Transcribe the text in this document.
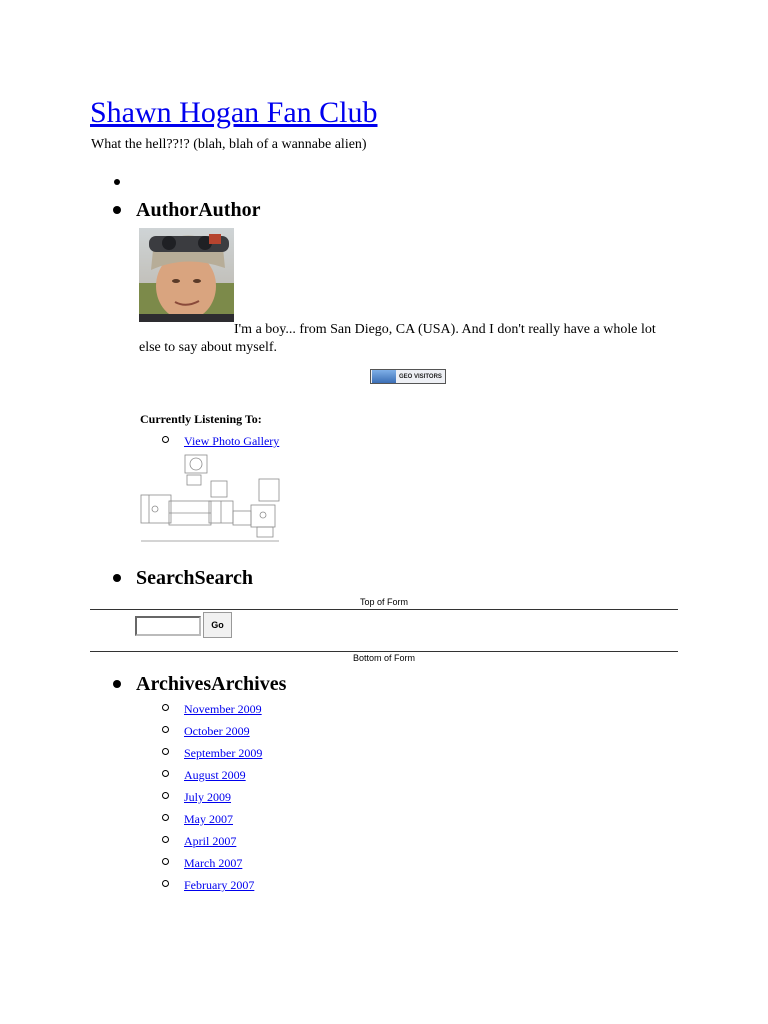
Shawn Hogan Fan Club
What the hell??!? (blah, blah of a wannabe alien)
AuthorAuthor
I'm a boy... from San Diego, CA (USA). And I don't really have a whole lot else to say about myself.
GEO VISITORS
Currently Listening To:
View Photo Gallery
SearchSearch
Top of Form
Go
Bottom of Form
ArchivesArchives
November 2009
October 2009
September 2009
August 2009
July 2009
May 2007
April 2007
March 2007
February 2007
